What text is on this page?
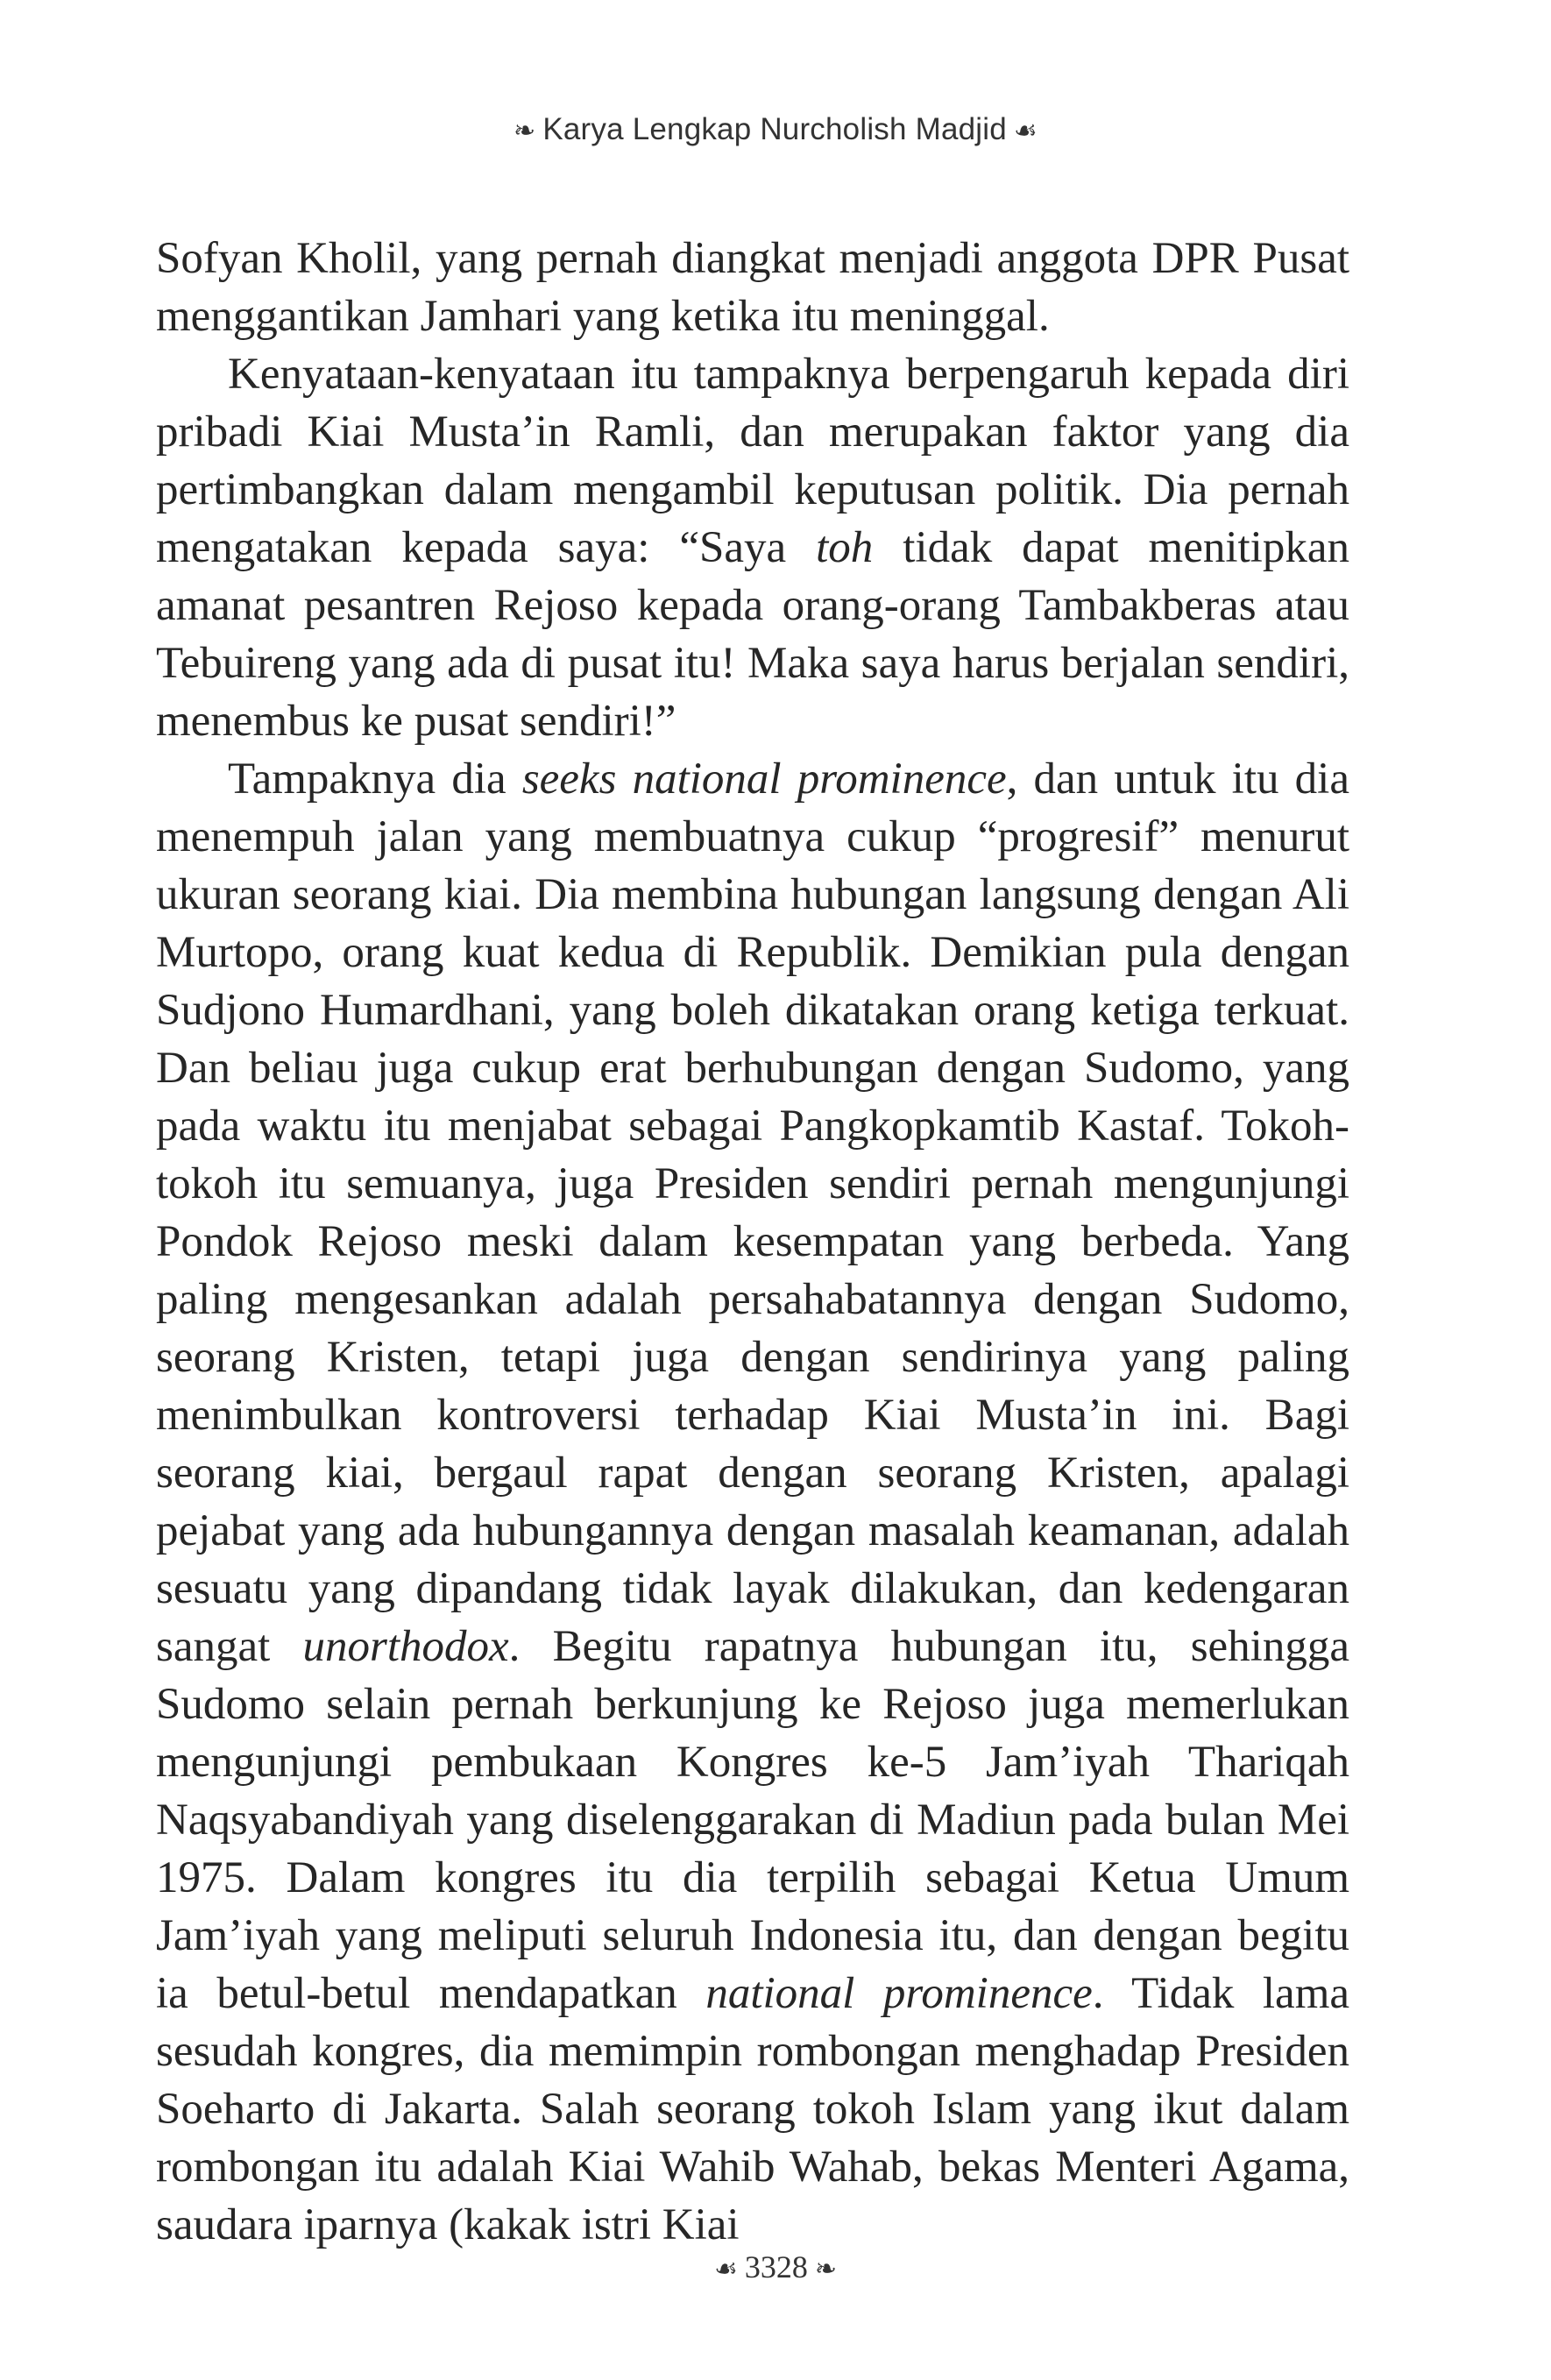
❧ Karya Lengkap Nurcholish Madjid ☙

Sofyan Kholil, yang pernah diangkat menjadi anggota DPR Pusat menggantikan Jamhari yang ketika itu meninggal.

Kenyataan-kenyataan itu tampaknya berpengaruh kepada diri pribadi Kiai Musta’in Ramli, dan merupakan faktor yang dia pertimbangkan dalam mengambil keputusan politik. Dia pernah mengatakan kepada saya: “Saya toh tidak dapat menitipkan amanat pesantren Rejoso kepada orang-orang Tambakberas atau Tebuireng yang ada di pusat itu! Maka saya harus berjalan sendiri, menembus ke pusat sendiri!”

Tampaknya dia seeks national prominence, dan untuk itu dia menempuh jalan yang membuatnya cukup “progresif” menurut ukuran seorang kiai. Dia membina hubungan langsung dengan Ali Murtopo, orang kuat kedua di Republik. Demikian pula dengan Sudjono Humardhani, yang boleh dikatakan orang ketiga terkuat. Dan beliau juga cukup erat berhubungan dengan Sudomo, yang pada waktu itu menjabat sebagai Pangkopkamtib Kastaf. Tokoh-tokoh itu semuanya, juga Presiden sendiri pernah mengunjungi Pondok Rejoso meski dalam kesempatan yang berbeda. Yang paling mengesankan adalah persahabatannya dengan Sudomo, seorang Kristen, tetapi juga dengan sendirinya yang paling menimbulkan kontroversi terhadap Kiai Musta’in ini. Bagi seorang kiai, bergaul rapat dengan seorang Kristen, apalagi pejabat yang ada hubungannya dengan masalah keamanan, adalah sesuatu yang dipandang tidak layak dilakukan, dan kedengaran sangat unorthodox. Begitu rapatnya hubungan itu, sehingga Sudomo selain pernah berkunjung ke Rejoso juga memerlukan mengunjungi pembukaan Kongres ke-5 Jam’iyah Thariqah Naqsyabandiyah yang diselenggarakan di Madiun pada bulan Mei 1975. Dalam kongres itu dia terpilih sebagai Ketua Umum Jam’iyah yang meliputi seluruh Indonesia itu, dan dengan begitu ia betul-betul mendapatkan national prominence. Tidak lama sesudah kongres, dia memimpin rombongan menghadap Presiden Soeharto di Jakarta. Salah seorang tokoh Islam yang ikut dalam rombongan itu adalah Kiai Wahib Wahab, bekas Menteri Agama, saudara iparnya (kakak istri Kiai

☙ 3328 ❧
